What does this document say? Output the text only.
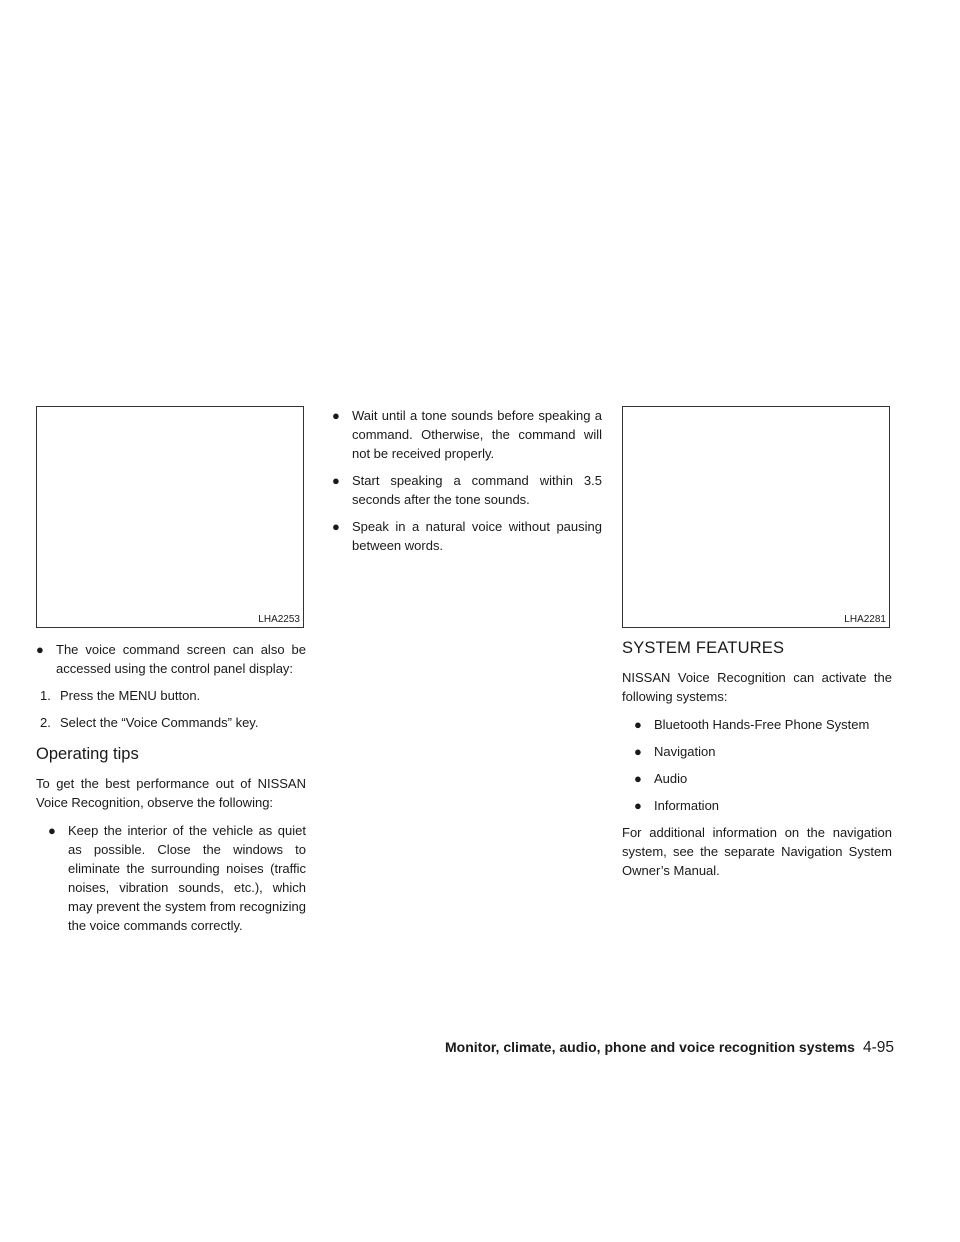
LHA2253
● The voice command screen can also be accessed using the control panel display:
1. Press the MENU button.
2. Select the “Voice Commands” key.
Operating tips

To get the best performance out of NISSAN Voice Recognition, observe the following:

● Keep the interior of the vehicle as quiet as possible. Close the windows to eliminate the surrounding noises (traffic noises, vibration sounds, etc.), which may prevent the system from recognizing the voice commands correctly.
● Wait until a tone sounds before speaking a command. Otherwise, the command will not be received properly.
● Start speaking a command within 3.5 seconds after the tone sounds.
● Speak in a natural voice without pausing between words.
LHA2281
SYSTEM FEATURES

NISSAN Voice Recognition can activate the following systems:

● Bluetooth Hands-Free Phone System
● Navigation
● Audio
● Information

For additional information on the navigation system, see the separate Navigation System Owner’s Manual.

Monitor, climate, audio, phone and voice recognition systems 4-95
